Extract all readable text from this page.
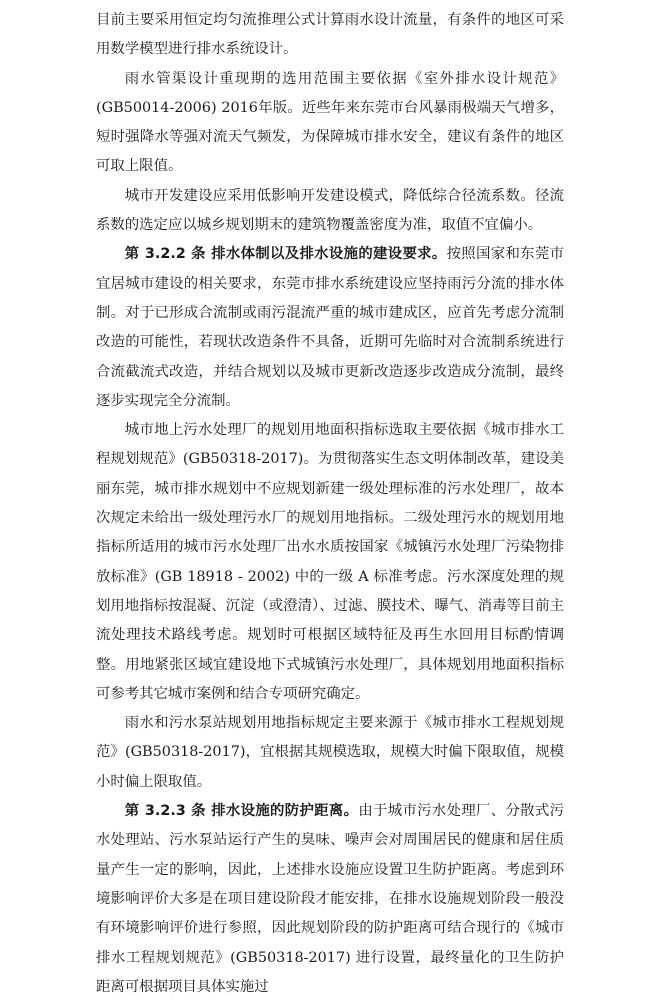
目前主要采用恒定均匀流推理公式计算雨水设计流量，有条件的地区可采用数学模型进行排水系统设计。

雨水管渠设计重现期的选用范围主要依据《室外排水设计规范》(GB50014-2006) 2016年版。近些年来东莞市台风暴雨极端天气增多，短时强降水等强对流天气频发，为保障城市排水安全，建议有条件的地区可取上限值。

城市开发建设应采用低影响开发建设模式，降低综合径流系数。径流系数的选定应以城乡规划期末的建筑物覆盖密度为准，取值不宜偏小。

第 3.2.2 条 排水体制以及排水设施的建设要求。按照国家和东莞市宜居城市建设的相关要求，东莞市排水系统建设应坚持雨污分流的排水体制。对于已形成合流制或雨污混流严重的城市建成区，应首先考虑分流制改造的可能性，若现状改造条件不具备，近期可先临时对合流制系统进行合流截流式改造，并结合规划以及城市更新改造逐步改造成分流制，最终逐步实现完全分流制。

城市地上污水处理厂的规划用地面积指标选取主要依据《城市排水工程规划规范》(GB50318-2017)。为贯彻落实生态文明体制改革，建设美丽东莞，城市排水规划中不应规划新建一级处理标准的污水处理厂，故本次规定未给出一级处理污水厂的规划用地指标。二级处理污水的规划用地指标所适用的城市污水处理厂出水水质按国家《城镇污水处理厂污染物排放标准》(GB 18918 - 2002) 中的一级 A 标准考虑。污水深度处理的规划用地指标按混凝、沉淀（或澄清）、过滤、膜技术、曝气、消毒等目前主流处理技术路线考虑。规划时可根据区域特征及再生水回用目标酌情调整。用地紧张区域宜建设地下式城镇污水处理厂，具体规划用地面积指标可参考其它城市案例和结合专项研究确定。

雨水和污水泵站规划用地指标规定主要来源于《城市排水工程规划规范》(GB50318-2017)，宜根据其规模选取，规模大时偏下限取值，规模小时偏上限取值。

第 3.2.3 条 排水设施的防护距离。由于城市污水处理厂、分散式污水处理站、污水泵站运行产生的臭味、噪声会对周围居民的健康和居住质量产生一定的影响，因此，上述排水设施应设置卫生防护距离。考虑到环境影响评价大多是在项目建设阶段才能安排，在排水设施规划阶段一般没有环境影响评价进行参照，因此规划阶段的防护距离可结合现行的《城市排水工程规划规范》(GB50318-2017) 进行设置，最终量化的卫生防护距离可根据项目具体实施过
